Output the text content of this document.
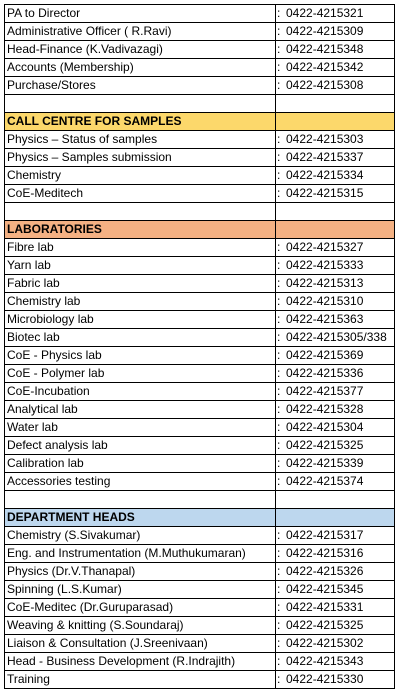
PA to Director	:	0422-4215321
Administrative Officer ( R.Ravi)	:	0422-4215309
Head-Finance (K.Vadivazagi)	:	0422-4215348
Accounts (Membership)	:	0422-4215342
Purchase/Stores	:	0422-4215308

CALL CENTRE FOR SAMPLES		
Physics – Status of samples	:	0422-4215303
Physics – Samples submission	:	0422-4215337
Chemistry	:	0422-4215334
CoE-Meditech	:	0422-4215315

LABORATORIES		
Fibre lab	:	0422-4215327
Yarn lab	:	0422-4215333
Fabric lab	:	0422-4215313
Chemistry lab	:	0422-4215310
Microbiology lab	:	0422-4215363
Biotec lab	:	0422-4215305/338
CoE - Physics lab	:	0422-4215369
CoE - Polymer lab	:	0422-4215336
CoE-Incubation	:	0422-4215377
Analytical lab	:	0422-4215328
Water lab	:	0422-4215304
Defect analysis lab	:	0422-4215325
Calibration lab	:	0422-4215339
Accessories testing	:	0422-4215374

DEPARTMENT HEADS		
Chemistry (S.Sivakumar)	:	0422-4215317
Eng. and Instrumentation (M.Muthukumaran)	:	0422-4215316
Physics (Dr.V.Thanapal)	:	0422-4215326
Spinning (L.S.Kumar)	:	0422-4215345
CoE-Meditec (Dr.Guruparasad)	:	0422-4215331
Weaving & knitting (S.Soundaraj)	:	0422-4215325
Liaison & Consultation (J.Sreenivaan)	:	0422-4215302
Head - Business Development (R.Indrajith)	:	0422-4215343
Training	:	0422-4215330
